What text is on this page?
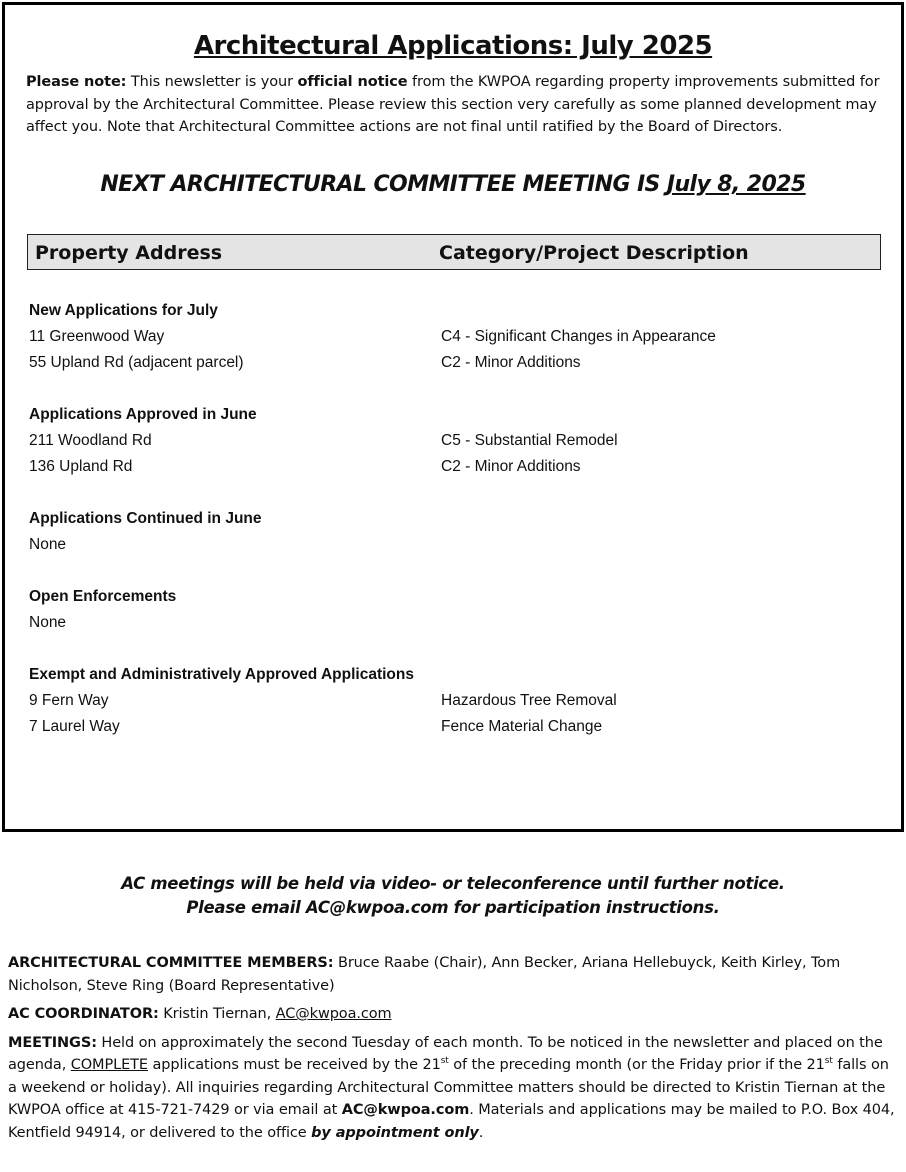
Architectural Applications: July 2025
Please note: This newsletter is your official notice from the KWPOA regarding property improvements submitted for approval by the Architectural Committee. Please review this section very carefully as some planned development may affect you. Note that Architectural Committee actions are not final until ratified by the Board of Directors.
NEXT ARCHITECTURAL COMMITTEE MEETING IS July 8, 2025
Property Address	Category/Project Description
New Applications for July
11 Greenwood Way	C4 - Significant Changes in Appearance
55 Upland Rd (adjacent parcel)	C2 - Minor Additions
Applications Approved in June
211 Woodland Rd	C5 - Substantial Remodel
136 Upland Rd	C2 - Minor Additions
Applications Continued in June
None
Open Enforcements
None
Exempt and Administratively Approved Applications
9 Fern Way	Hazardous Tree Removal
7 Laurel Way	Fence Material Change
AC meetings will be held via video- or teleconference until further notice.
Please email AC@kwpoa.com for participation instructions.

ARCHITECTURAL COMMITTEE MEMBERS: Bruce Raabe (Chair), Ann Becker, Ariana Hellebuyck, Keith Kirley, Tom Nicholson, Steve Ring (Board Representative)

AC COORDINATOR: Kristin Tiernan, AC@kwpoa.com

MEETINGS: Held on approximately the second Tuesday of each month. To be noticed in the newsletter and placed on the agenda, COMPLETE applications must be received by the 21st of the preceding month (or the Friday prior if the 21st falls on a weekend or holiday). All inquiries regarding Architectural Committee matters should be directed to Kristin Tiernan at the KWPOA office at 415-721-7429 or via email at AC@kwpoa.com. Materials and applications may be mailed to P.O. Box 404, Kentfield 94914, or delivered to the office by appointment only.
